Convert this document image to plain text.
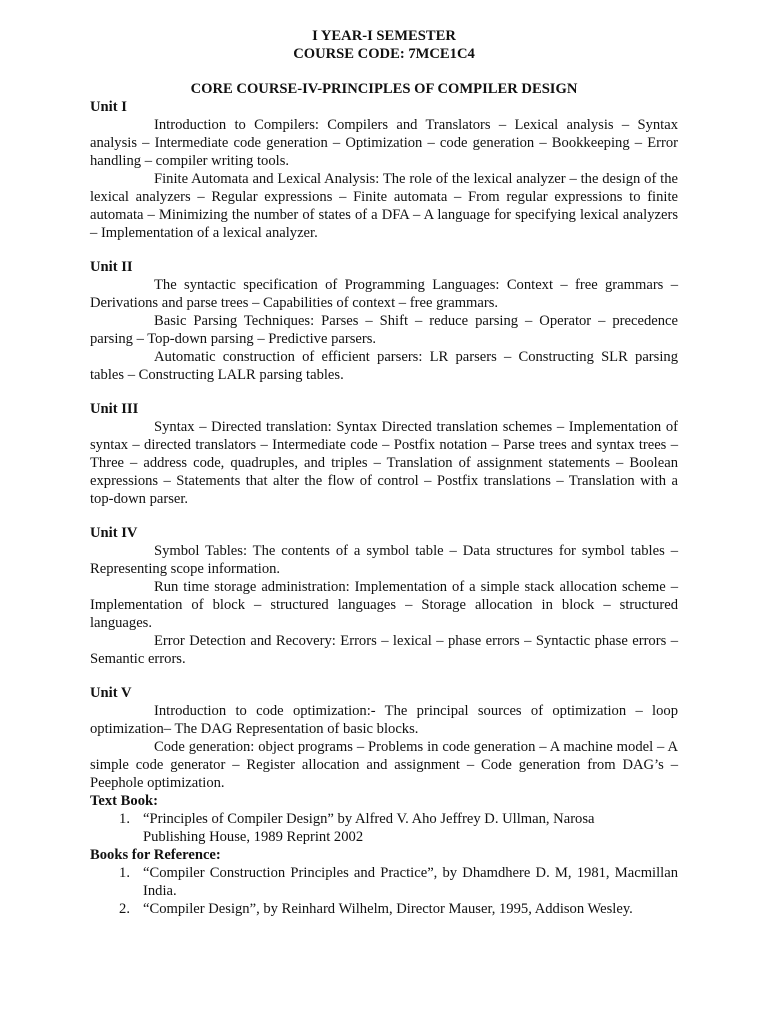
I YEAR-I SEMESTER

COURSE CODE: 7MCE1C4

CORE COURSE-IV-PRINCIPLES OF COMPILER DESIGN

Unit I

Introduction to Compilers: Compilers and Translators – Lexical analysis – Syntax analysis – Intermediate code generation – Optimization – code generation – Bookkeeping – Error handling – compiler writing tools.

Finite Automata and Lexical Analysis: The role of the lexical analyzer – the design of the lexical analyzers – Regular expressions – Finite automata – From regular expressions to finite automata – Minimizing the number of states of a DFA – A language for specifying lexical analyzers – Implementation of a lexical analyzer.

Unit II

The syntactic specification of Programming Languages: Context – free grammars – Derivations and parse trees – Capabilities of context – free grammars.

Basic Parsing Techniques: Parses – Shift – reduce parsing – Operator – precedence parsing – Top-down parsing – Predictive parsers.

Automatic construction of efficient parsers: LR parsers – Constructing SLR parsing tables – Constructing LALR parsing tables.

Unit III

Syntax – Directed translation: Syntax Directed translation schemes – Implementation of syntax – directed translators – Intermediate code – Postfix notation – Parse trees and syntax trees – Three – address code, quadruples, and triples – Translation of assignment statements – Boolean expressions – Statements that alter the flow of control – Postfix translations – Translation with a top-down parser.

Unit IV

Symbol Tables: The contents of a symbol table – Data structures for symbol tables – Representing scope information.

Run time storage administration: Implementation of a simple stack allocation scheme – Implementation of block – structured languages – Storage allocation in block – structured languages.

Error Detection and Recovery: Errors – lexical – phase errors – Syntactic phase errors – Semantic errors.

Unit V

Introduction to code optimization:- The principal sources of optimization – loop optimization– The DAG Representation of basic blocks.

Code generation: object programs – Problems in code generation – A machine model – A simple code generator – Register allocation and assignment – Code generation from DAG’s –Peephole optimization.

Text Book:

1. “Principles of Compiler Design” by Alfred V. Aho Jeffrey D. Ullman, Narosa
Publishing House, 1989 Reprint 2002

Books for Reference:

1. “Compiler Construction Principles and Practice”, by Dhamdhere D. M, 1981, Macmillan India.
2. “Compiler Design”, by Reinhard Wilhelm, Director Mauser, 1995, Addison Wesley.
